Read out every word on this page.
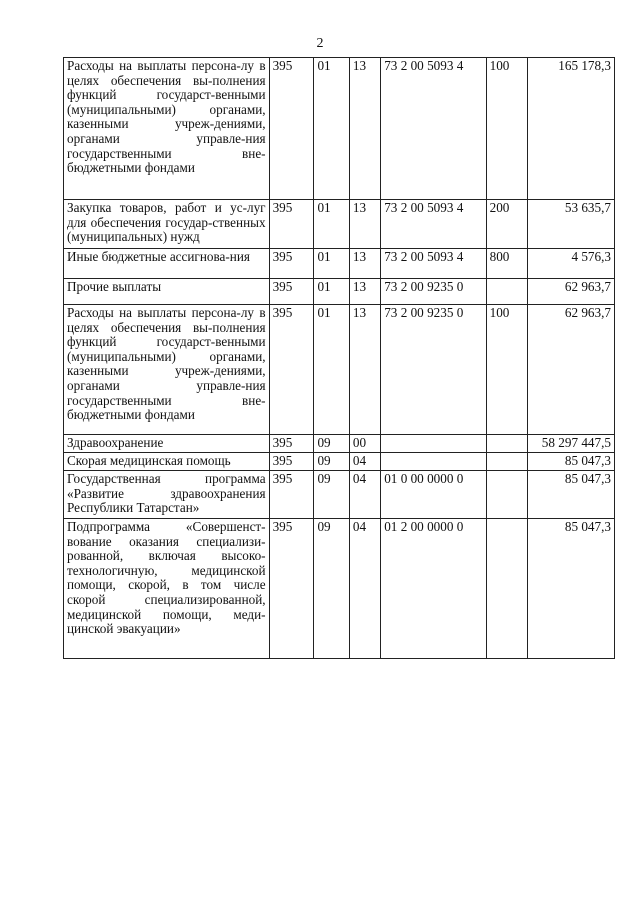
2
Расходы на выплаты персона-лу в целях обеспечения вы-полнения функций государст-венными (муниципальными) органами, казенными учреж-дениями, органами управле-ния государственными вне-бюджетными фондами	395	01	13	73 2 00 5093 4	100	165 178,3
Закупка товаров, работ и ус-луг для обеспечения государ-ственных (муниципальных) нужд	395	01	13	73 2 00 5093 4	200	53 635,7
Иные бюджетные ассигнова-ния	395	01	13	73 2 00 5093 4	800	4 576,3
Прочие выплаты	395	01	13	73 2 00 9235 0		62 963,7
Расходы на выплаты персона-лу в целях обеспечения вы-полнения функций государст-венными (муниципальными) органами, казенными учреж-дениями, органами управле-ния государственными вне-бюджетными фондами	395	01	13	73 2 00 9235 0	100	62 963,7
Здравоохранение	395	09	00			58 297 447,5
Скорая медицинская помощь	395	09	04			85 047,3
Государственная программа «Развитие здравоохранения Республики Татарстан»	395	09	04	01 0 00 0000 0		85 047,3
Подпрограмма «Совершенст-вование оказания специализи-рованной, включая высоко-технологичную, медицинской помощи, скорой, в том числе скорой специализированной, медицинской помощи, меди-цинской эвакуации»	395	09	04	01 2 00 0000 0		85 047,3
